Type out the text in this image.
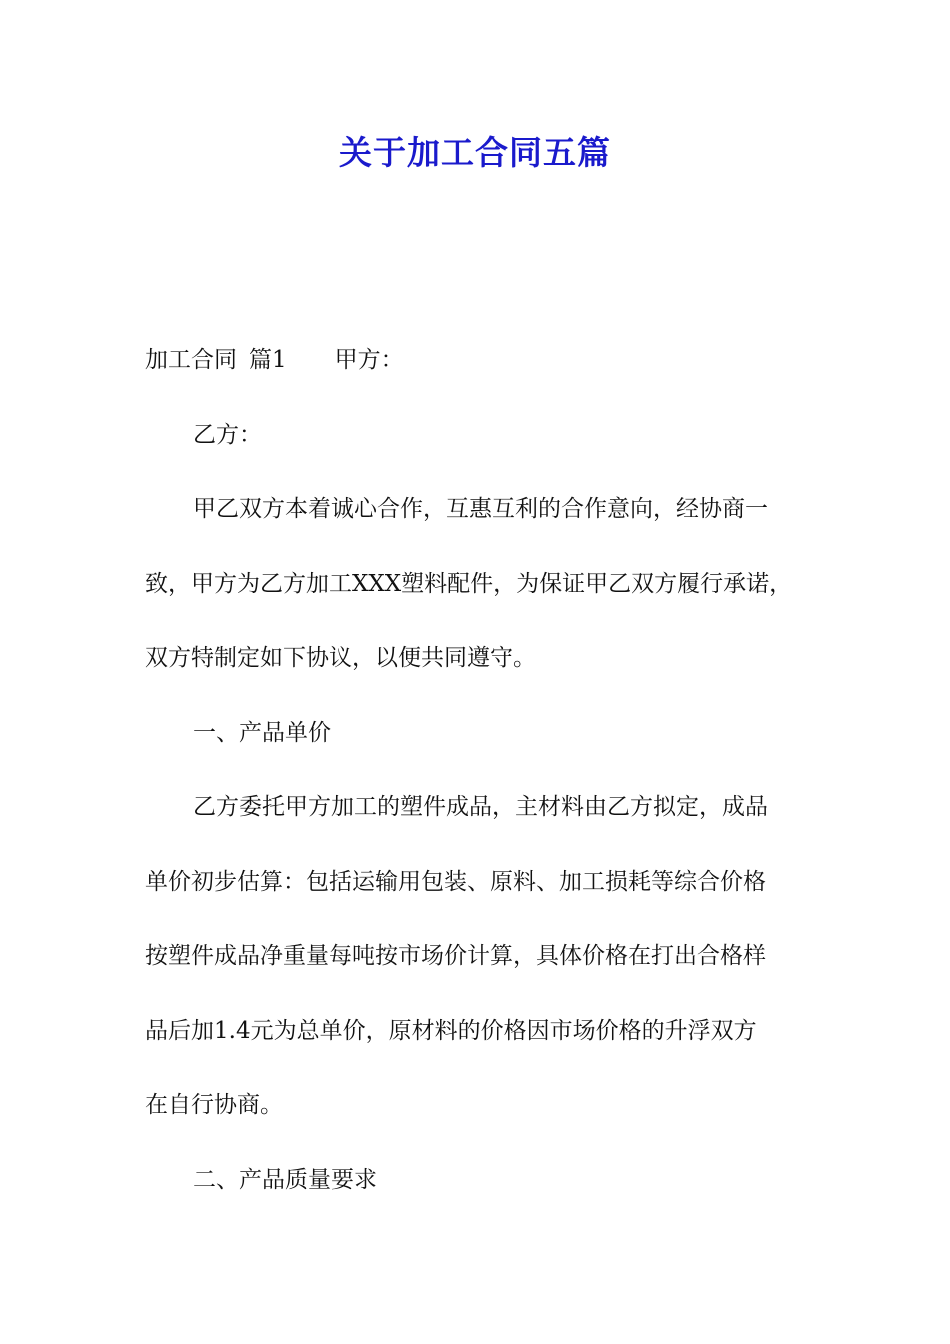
关于加工合同五篇
加工合同 篇1 甲方：
乙方：
甲乙双方本着诚心合作，互惠互利的合作意向，经协商一
致，甲方为乙方加工XXX塑料配件，为保证甲乙双方履行承诺，
双方特制定如下协议，以便共同遵守。
一、产品单价
乙方委托甲方加工的塑件成品，主材料由乙方拟定，成品
单价初步估算：包括运输用包装、原料、加工损耗等综合价格
按塑件成品净重量每吨按市场价计算，具体价格在打出合格样
品后加1.4元为总单价，原材料的价格因市场价格的升浮双方
在自行协商。
二、产品质量要求
